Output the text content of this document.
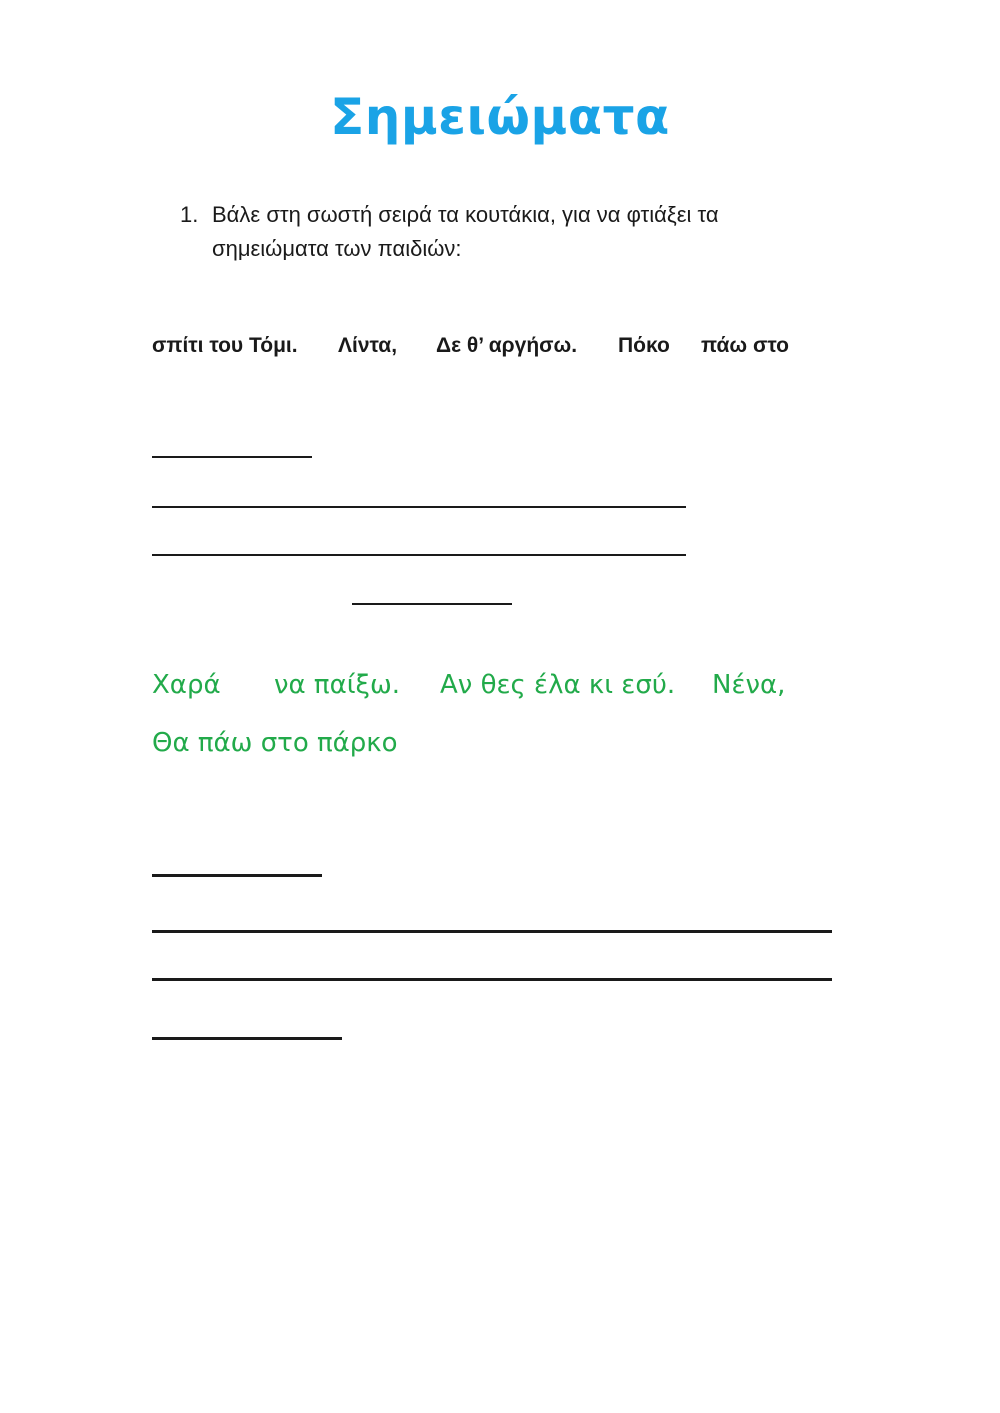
Σημειώματα
1. Βάλε στη σωστή σειρά τα κουτάκια, για να φτιάξει τα σημειώματα των παιδιών:
σπίτι του Τόμι. Λίντα, Δε θ’ αργήσω. Πόκο πάω στο
Χαρά να παίξω. Αν θες έλα κι εσύ. Νένα,
Θα πάω στο πάρκο
